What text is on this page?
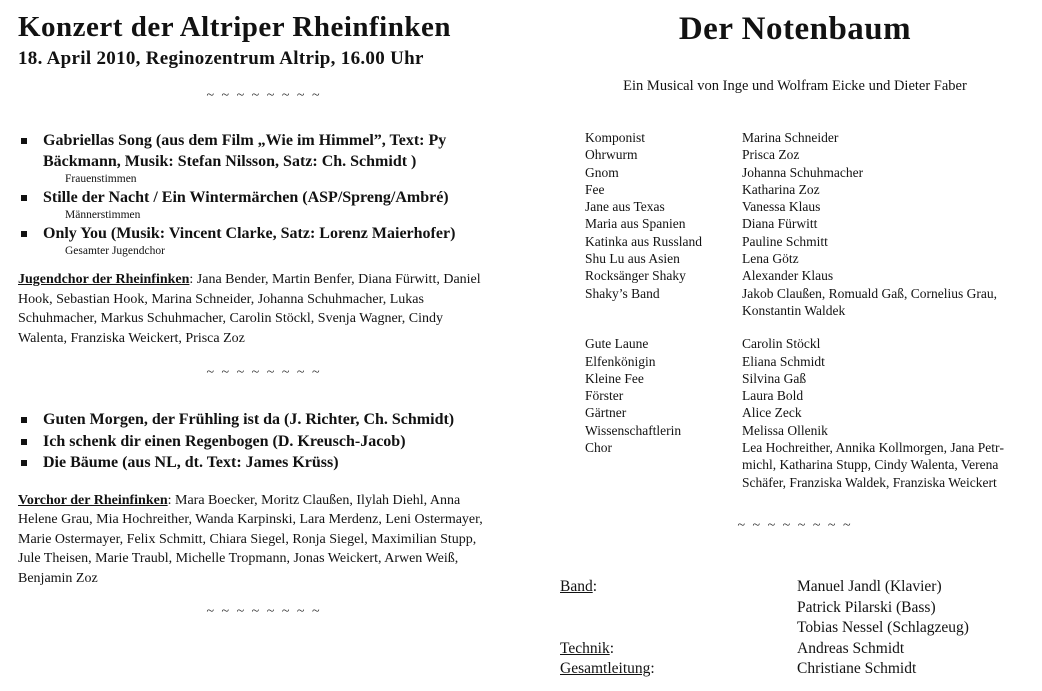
Konzert der Altriper Rheinfinken
18. April 2010, Reginozentrum Altrip, 16.00 Uhr
~ ~ ~ ~ ~ ~ ~ ~
Gabriellas Song (aus dem Film „Wie im Himmel”, Text: Py Bäckmann, Musik: Stefan Nilsson, Satz: Ch. Schmidt )
Frauenstimmen
Stille der Nacht / Ein Wintermärchen (ASP/Spreng/Ambré)
Männerstimmen
Only You (Musik: Vincent Clarke, Satz: Lorenz Maierhofer)
Gesamter Jugendchor

Jugendchor der Rheinfinken: Jana Bender, Martin Benfer, Diana Fürwitt, Daniel Hook, Sebastian Hook, Marina Schneider, Johanna Schuhmacher, Lukas Schuhmacher, Markus Schuhmacher, Carolin Stöckl, Svenja Wagner, Cindy Walenta, Franziska Weickert, Prisca Zoz

~ ~ ~ ~ ~ ~ ~ ~
Guten Morgen, der Frühling ist da (J. Richter, Ch. Schmidt)
Ich schenk dir einen Regenbogen (D. Kreusch-Jacob)
Die Bäume (aus NL, dt. Text: James Krüss)

Vorchor der Rheinfinken: Mara Boecker, Moritz Claußen, Ilylah Diehl, Anna Helene Grau, Mia Hochreither, Wanda Karpinski, Lara Merdenz, Leni Ostermayer, Marie Ostermayer, Felix Schmitt, Chiara Siegel, Ronja Siegel, Maximilian Stupp, Jule Theisen, Marie Traubl, Michelle Tropmann, Jonas Weickert, Arwen Weiß, Benjamin Zoz

~ ~ ~ ~ ~ ~ ~ ~
Der Notenbaum
Ein Musical von Inge und Wolfram Eicke und Dieter Faber
Komponist	Marina Schneider
Ohrwurm	Prisca Zoz
Gnom	Johanna Schuhmacher
Fee	Katharina Zoz
Jane aus Texas	Vanessa Klaus
Maria aus Spanien	Diana Fürwitt
Katinka aus Russland	Pauline Schmitt
Shu Lu aus Asien	Lena Götz
Rocksänger Shaky	Alexander Klaus
Shaky’s Band	Jakob Claußen, Romuald Gaß, Cornelius Grau, Konstantin Waldek
Gute Laune	Carolin Stöckl
Elfenkönigin	Eliana Schmidt
Kleine Fee	Silvina Gaß
Förster	Laura Bold
Gärtner	Alice Zeck
Wissenschaftlerin	Melissa Ollenik
Chor	Lea Hochreither, Annika Kollmorgen, Jana Petr‐michl, Katharina Stupp, Cindy Walenta, Verena Schäfer, Franziska Waldek, Franziska Weickert
~ ~ ~ ~ ~ ~ ~ ~
Band:	Manuel Jandl (Klavier)
Patrick Pilarski (Bass)
Tobias Nessel (Schlagzeug)
Technik:	Andreas Schmidt
Gesamtleitung:	Christiane Schmidt
